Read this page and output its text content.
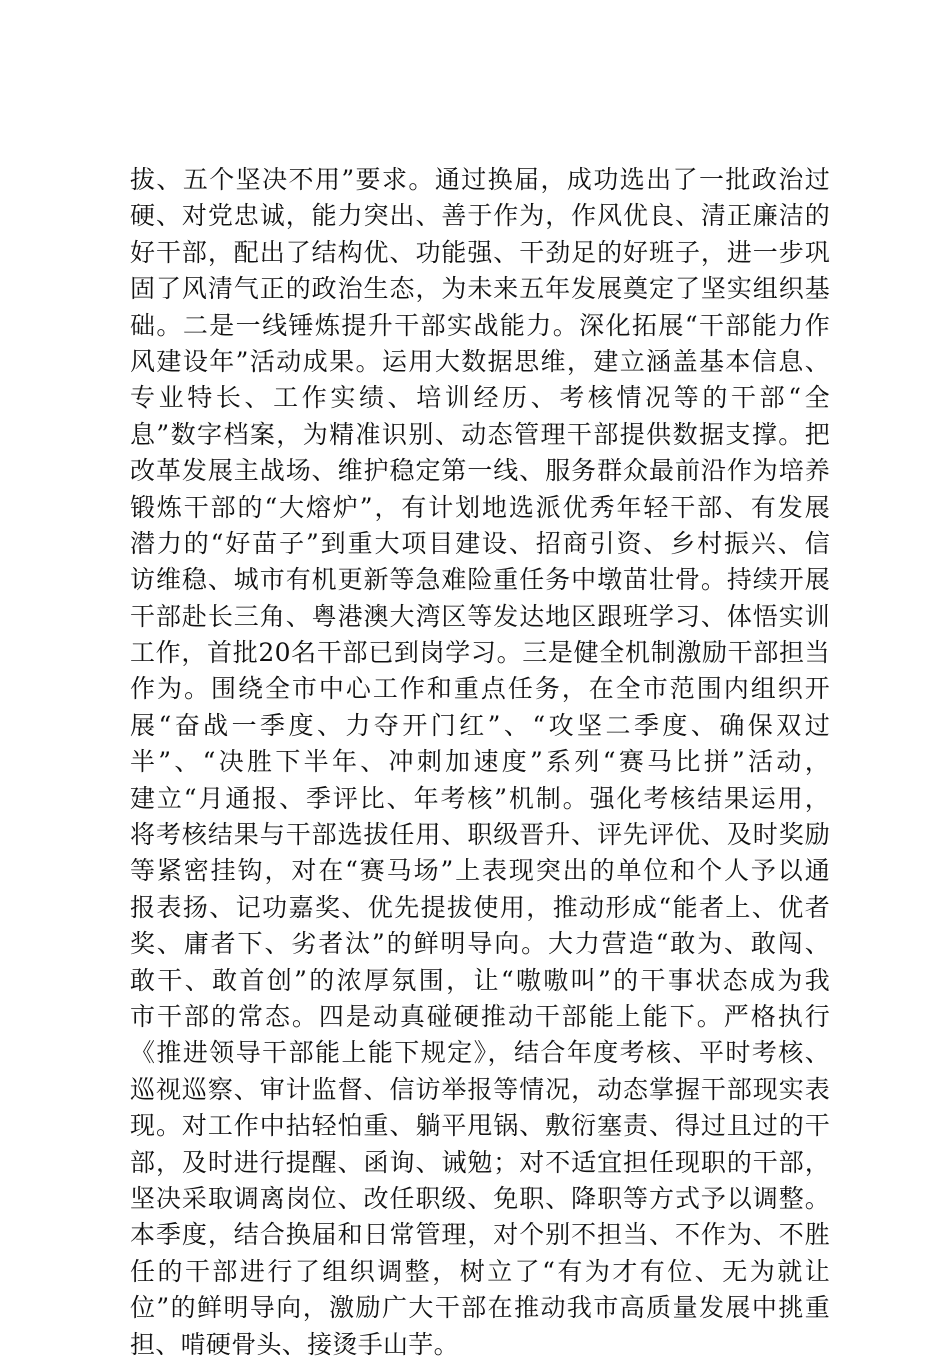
拔、五个坚决不用”要求。通过换届，成功选出了一批政治过
硬、对党忠诚，能力突出、善于作为，作风优良、清正廉洁的
好干部，配出了结构优、功能强、干劲足的好班子，进一步巩
固了风清气正的政治生态，为未来五年发展奠定了坚实组织基
础。二是一线锤炼提升干部实战能力。深化拓展“干部能力作
风建设年”活动成果。运用大数据思维，建立涵盖基本信息、
专业特长、工作实绩、培训经历、考核情况等的干部“全
息”数字档案，为精准识别、动态管理干部提供数据支撑。把
改革发展主战场、维护稳定第一线、服务群众最前沿作为培养
锻炼干部的“大熔炉”，有计划地选派优秀年轻干部、有发展
潜力的“好苗子”到重大项目建设、招商引资、乡村振兴、信
访维稳、城市有机更新等急难险重任务中墩苗壮骨。持续开展
干部赴长三角、粤港澳大湾区等发达地区跟班学习、体悟实训
工作，首批20名干部已到岗学习。三是健全机制激励干部担当
作为。围绕全市中心工作和重点任务，在全市范围内组织开
展“奋战一季度、力夺开门红”、“攻坚二季度、确保双过
半”、“决胜下半年、冲刺加速度”系列“赛马比拼”活动，
建立“月通报、季评比、年考核”机制。强化考核结果运用，
将考核结果与干部选拔任用、职级晋升、评先评优、及时奖励
等紧密挂钩，对在“赛马场”上表现突出的单位和个人予以通
报表扬、记功嘉奖、优先提拔使用，推动形成“能者上、优者
奖、庸者下、劣者汰”的鲜明导向。大力营造“敢为、敢闯、
敢干、敢首创”的浓厚氛围，让“嗷嗷叫”的干事状态成为我
市干部的常态。四是动真碰硬推动干部能上能下。严格执行
《推进领导干部能上能下规定》，结合年度考核、平时考核、
巡视巡察、审计监督、信访举报等情况，动态掌握干部现实表
现。对工作中拈轻怕重、躺平甩锅、敷衍塞责、得过且过的干
部，及时进行提醒、函询、诫勉；对不适宜担任现职的干部，
坚决采取调离岗位、改任职级、免职、降职等方式予以调整。
本季度，结合换届和日常管理，对个别不担当、不作为、不胜
任的干部进行了组织调整，树立了“有为才有位、无为就让
位”的鲜明导向，激励广大干部在推动我市高质量发展中挑重
担、啃硬骨头、接烫手山芋。
